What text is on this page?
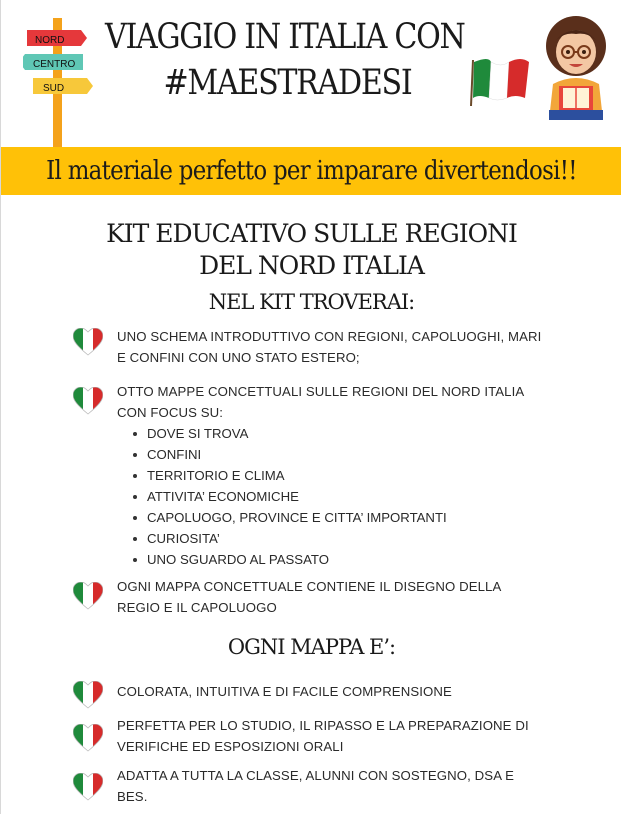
NORD
CENTRO
SUD
VIAGGIO IN ITALIA CON
#MAESTRADESI
Il materiale perfetto per imparare divertendosi!!
KIT EDUCATIVO SULLE REGIONI
DEL NORD ITALIA
NEL KIT TROVERAI:
UNO SCHEMA INTRODUTTIVO CON REGIONI, CAPOLUOGHI, MARI E CONFINI CON UNO STATO ESTERO;
OTTO MAPPE CONCETTUALI SULLE REGIONI DEL NORD ITALIA CON FOCUS SU:
DOVE SI TROVA
CONFINI
TERRITORIO E CLIMA
ATTIVITA’ ECONOMICHE
CAPOLUOGO, PROVINCE E CITTA’ IMPORTANTI
CURIOSITA’
UNO SGUARDO AL PASSATO
OGNI MAPPA CONCETTUALE CONTIENE IL DISEGNO DELLA REGIO E IL CAPOLUOGO
OGNI MAPPA E’:
COLORATA, INTUITIVA E DI FACILE COMPRENSIONE
PERFETTA PER LO STUDIO, IL RIPASSO E LA PREPARAZIONE DI VERIFICHE ED ESPOSIZIONI ORALI
ADATTA A TUTTA LA CLASSE, ALUNNI CON SOSTEGNO, DSA E BES.
